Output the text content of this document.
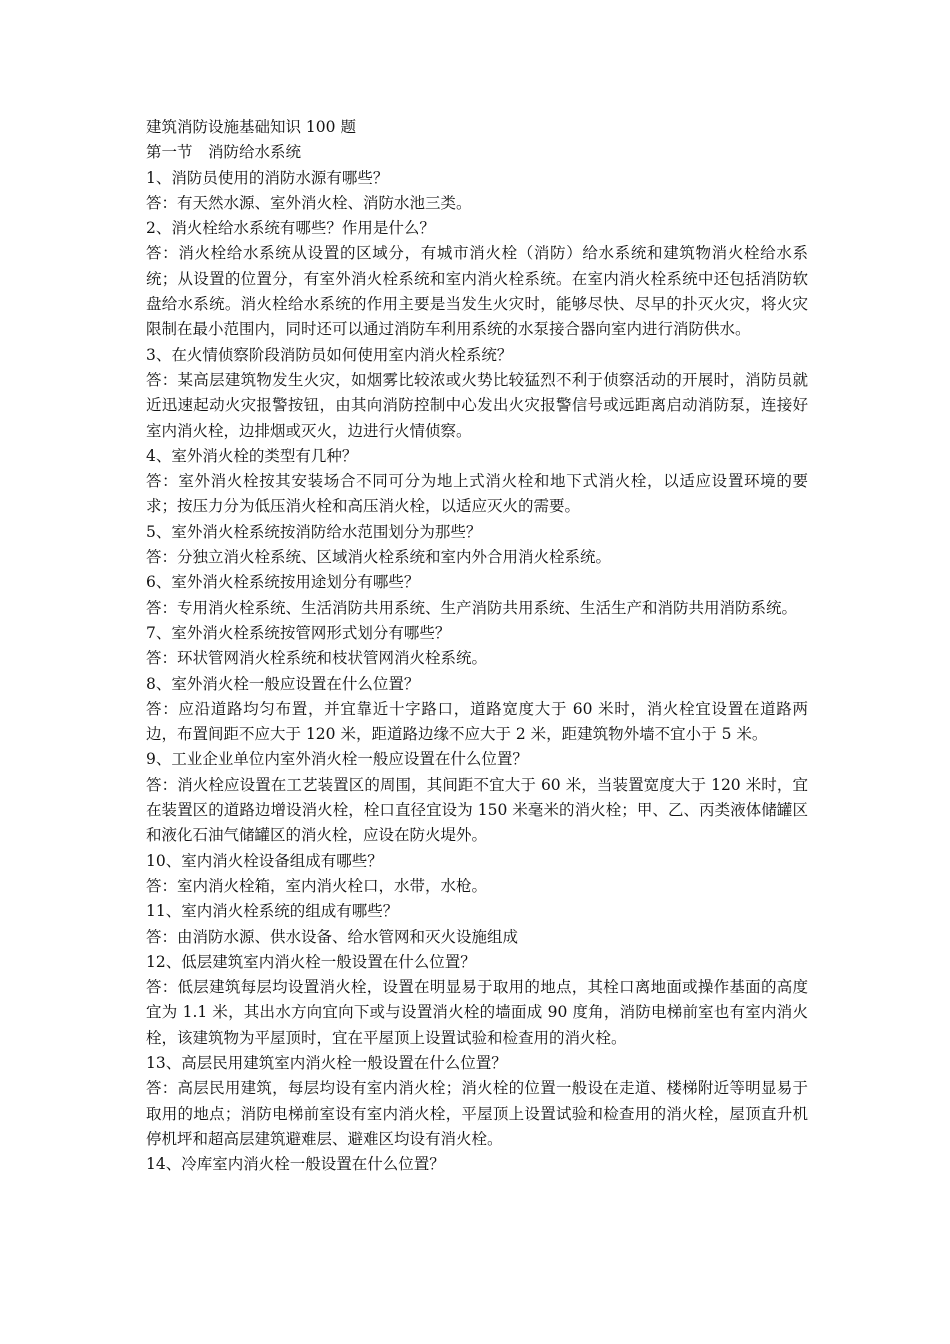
建筑消防设施基础知识 100 题

第一节　消防给水系统

1、消防员使用的消防水源有哪些？

答：有天然水源、室外消火栓、消防水池三类。

2、消火栓给水系统有哪些？作用是什么？

答：消火栓给水系统从设置的区域分，有城市消火栓（消防）给水系统和建筑物消火栓给水系统；从设置的位置分，有室外消火栓系统和室内消火栓系统。在室内消火栓系统中还包括消防软盘给水系统。消火栓给水系统的作用主要是当发生火灾时，能够尽快、尽早的扑灭火灾，将火灾限制在最小范围内，同时还可以通过消防车利用系统的水泵接合器向室内进行消防供水。

3、在火情侦察阶段消防员如何使用室内消火栓系统？

答：某高层建筑物发生火灾，如烟雾比较浓或火势比较猛烈不利于侦察活动的开展时，消防员就近迅速起动火灾报警按钮，由其向消防控制中心发出火灾报警信号或远距离启动消防泵，连接好室内消火栓，边排烟或灭火，边进行火情侦察。

4、室外消火栓的类型有几种？

答：室外消火栓按其安装场合不同可分为地上式消火栓和地下式消火栓，以适应设置环境的要求；按压力分为低压消火栓和高压消火栓，以适应灭火的需要。

5、室外消火栓系统按消防给水范围划分为那些？

答：分独立消火栓系统、区域消火栓系统和室内外合用消火栓系统。

6、室外消火栓系统按用途划分有哪些？

答：专用消火栓系统、生活消防共用系统、生产消防共用系统、生活生产和消防共用消防系统。

7、室外消火栓系统按管网形式划分有哪些？

答：环状管网消火栓系统和枝状管网消火栓系统。

8、室外消火栓一般应设置在什么位置？

答：应沿道路均匀布置，并宜靠近十字路口，道路宽度大于 60 米时，消火栓宜设置在道路两边，布置间距不应大于 120 米，距道路边缘不应大于 2 米，距建筑物外墙不宜小于 5 米。

9、工业企业单位内室外消火栓一般应设置在什么位置？

答：消火栓应设置在工艺装置区的周围，其间距不宜大于 60 米，当装置宽度大于 120 米时，宜在装置区的道路边增设消火栓，栓口直径宜设为 150 米毫米的消火栓；甲、乙、丙类液体储罐区和液化石油气储罐区的消火栓，应设在防火堤外。

10、室内消火栓设备组成有哪些？

答：室内消火栓箱，室内消火栓口，水带，水枪。

11、室内消火栓系统的组成有哪些？

答：由消防水源、供水设备、给水管网和灭火设施组成

12、低层建筑室内消火栓一般设置在什么位置？

答：低层建筑每层均设置消火栓，设置在明显易于取用的地点，其栓口离地面或操作基面的高度宜为 1.1 米，其出水方向宜向下或与设置消火栓的墙面成 90 度角，消防电梯前室也有室内消火栓，该建筑物为平屋顶时，宜在平屋顶上设置试验和检查用的消火栓。

13、高层民用建筑室内消火栓一般设置在什么位置？

答：高层民用建筑，每层均设有室内消火栓；消火栓的位置一般设在走道、楼梯附近等明显易于取用的地点；消防电梯前室设有室内消火栓，平屋顶上设置试验和检查用的消火栓，屋顶直升机停机坪和超高层建筑避难层、避难区均设有消火栓。

14、冷库室内消火栓一般设置在什么位置？
